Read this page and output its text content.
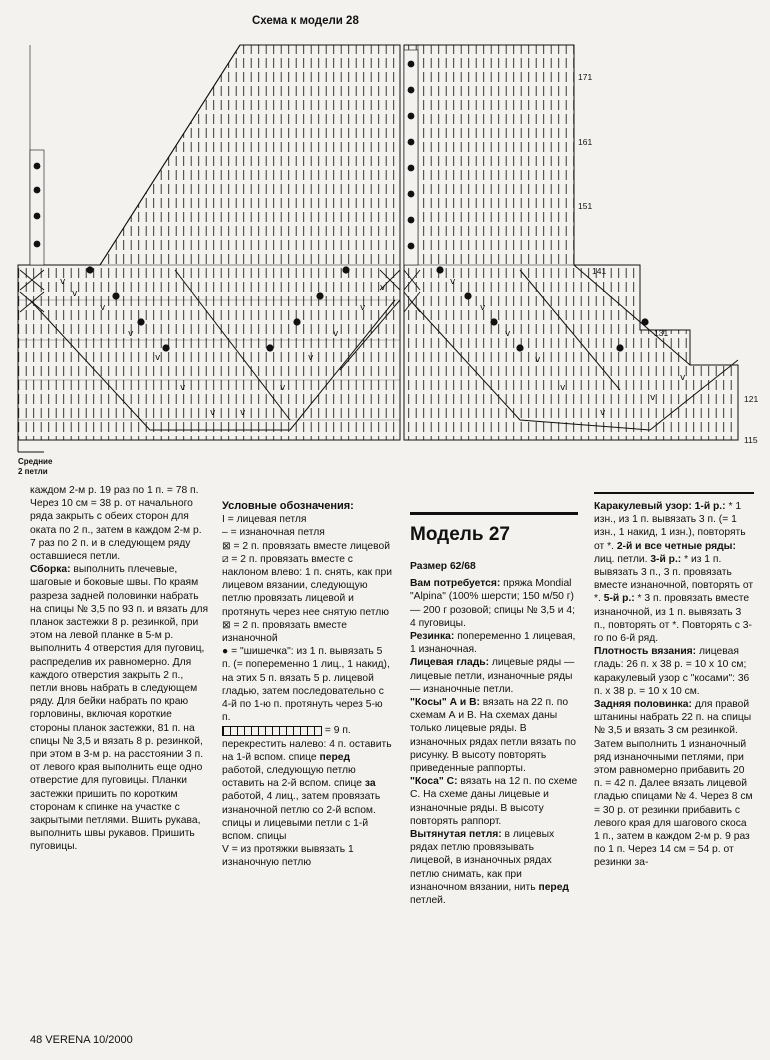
Схема к модели 28
v
v
v
v
v
v
v	v
v
v
v
v
v
v
v
v
v
v
v
v
v
171
161
151
141
131
121
115
Средние
2 петли

каждом 2-м р. 19 раз по 1 п. = 78 п. Через 10 см = 38 р. от начального ряда закрыть с обеих сторон для оката по 2 п., затем в каждом 2-м р. 7 раз по 2 п. и в следующем ряду оставшиеся петли.

Сборка: выполнить плечевые, шаговые и боковые швы. По краям разреза задней половинки набрать на спицы № 3,5 по 93 п. и вязать для планок застежки 8 р. резинкой, при этом на левой планке в 5-м р. выполнить 4 отверстия для пуговиц, распределив их равномерно. Для каждого отверстия закрыть 2 п., петли вновь набрать в следующем ряду. Для бейки набрать по краю горловины, включая короткие стороны планок застежки, 81 п. на спицы № 3,5 и вязать 8 р. резинкой, при этом в 3-м р. на расстоянии 3 п. от левого края выполнить еще одно отверстие для пуговицы. Планки застежки пришить по коротким сторонам к спинке на участке с закрытыми петлями. Вшить рукава, выполнить швы рукавов. Пришить пуговицы.

Условные обозначения:

I = лицевая петля

– = изнаночная петля

⊠ = 2 п. провязать вместе лицевой

⧄ = 2 п. провязать вместе с наклоном влево: 1 п. снять, как при лицевом вязании, следующую петлю провязать лицевой и протянуть через нее снятую петлю

⊠ = 2 п. провязать вместе изнаночной

● = "шишечка": из 1 п. вывязать 5 п. (= попеременно 1 лиц., 1 накид), на этих 5 п. вязать 5 р. лицевой гладью, затем последовательно с 4-й по 1-ю п. протянуть через 5-ю п.

= 9 п.

перекрестить налево: 4 п. оставить на 1-й вспом. спице перед работой, следующую петлю оставить на 2-й вспом. спице за работой, 4 лиц., затем провязать изнаночной петлю со 2-й вспом. спицы и лицевыми петли с 1-й вспом. спицы

V = из протяжки вывязать 1 изнаночную петлю

Модель 27

Размер 62/68

Вам потребуется: пряжа Mondial "Alpina" (100% шерсти; 150 м/50 г) — 200 г розовой; спицы № 3,5 и 4; 4 пуговицы.

Резинка: попеременно 1 лицевая, 1 изнаночная.

Лицевая гладь: лицевые ряды — лицевые петли, изнаночные ряды — изнаночные петли.

"Косы" А и В: вязать на 22 п. по схемам А и В. На схемах даны только лицевые ряды. В изнаночных рядах петли вязать по рисунку. В высоту повторять приведенные раппорты.

"Коса" С: вязать на 12 п. по схеме С. На схеме даны лицевые и изнаночные ряды. В высоту повторять раппорт.

Вытянутая петля: в лицевых рядах петлю провязывать лицевой, в изнаночных рядах петлю снимать, как при изнаночном вязании, нить перед петлей.

Каракулевый узор: 1-й р.: * 1 изн., из 1 п. вывязать 3 п. (= 1 изн., 1 накид, 1 изн.), повторять от *. 2-й и все четные ряды: лиц. петли. 3-й р.: * из 1 п. вывязать 3 п., 3 п. провязать вместе изнаночной, повторять от *. 5-й р.: * 3 п. провязать вместе изнаночной, из 1 п. вывязать 3 п., повторять от *. Повторять с 3-го по 6-й ряд.

Плотность вязания: лицевая гладь: 26 п. х 38 р. = 10 х 10 см; каракулевый узор с "косами": 36 п. х 38 р. = 10 х 10 см.

Задняя половинка: для правой штанины набрать 22 п. на спицы № 3,5 и вязать 3 см резинкой. Затем выполнить 1 изнаночный ряд изнаночными петлями, при этом равномерно прибавить 20 п. = 42 п. Далее вязать лицевой гладью спицами № 4. Через 8 см = 30 р. от резинки прибавить с левого края для шагового скоса 1 п., затем в каждом 2-м р. 9 раз по 1 п. Через 14 см = 54 р. от резинки за-

48 VERENA 10/2000
